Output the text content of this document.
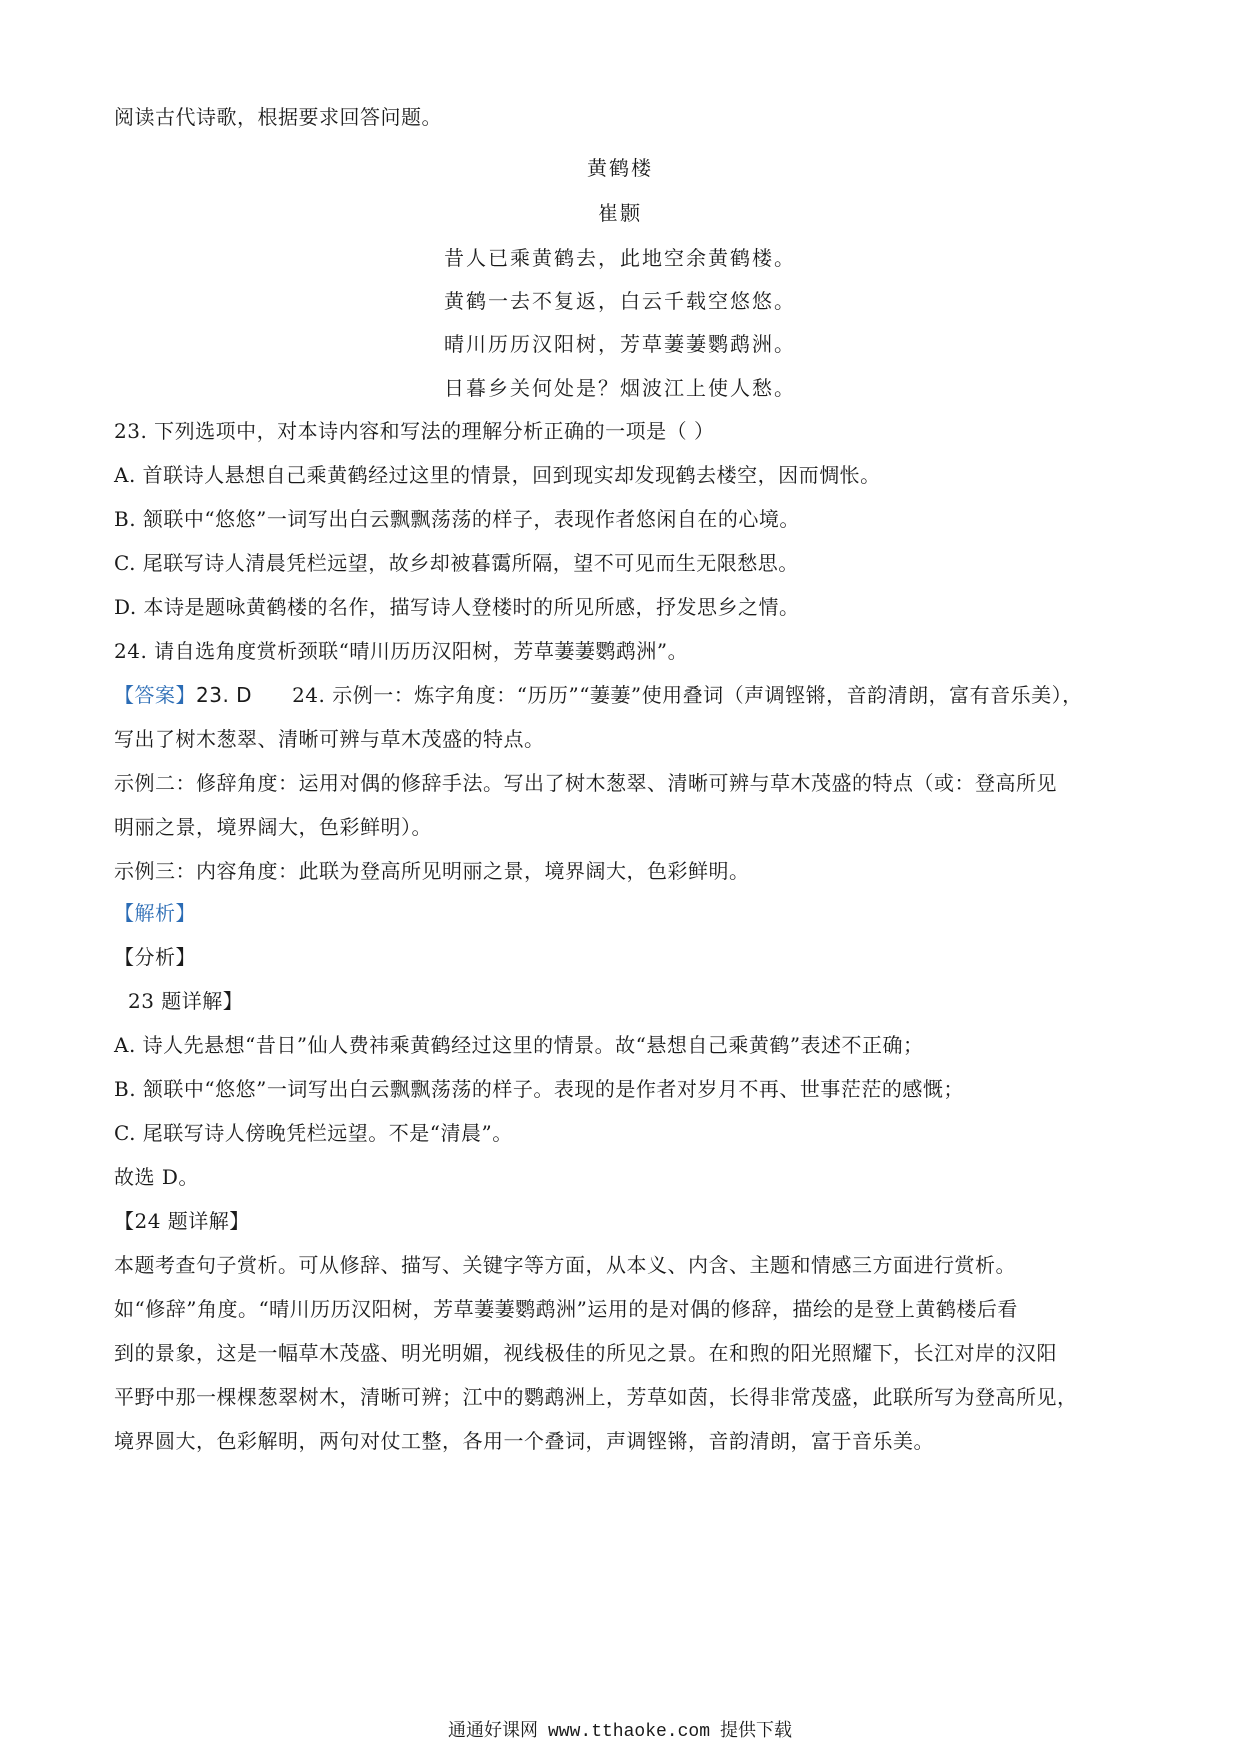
阅读古代诗歌，根据要求回答问题。
黄鹤楼
崔颢
昔人已乘黄鹤去，此地空余黄鹤楼。
黄鹤一去不复返，白云千载空悠悠。
晴川历历汉阳树，芳草萋萋鹦鹉洲。
日暮乡关何处是？烟波江上使人愁。
23. 下列选项中，对本诗内容和写法的理解分析正确的一项是（ ）
A. 首联诗人悬想自己乘黄鹤经过这里的情景，回到现实却发现鹤去楼空，因而惆怅。
B. 颔联中“悠悠”一词写出白云飘飘荡荡的样子，表现作者悠闲自在的心境。
C. 尾联写诗人清晨凭栏远望，故乡却被暮霭所隔，望不可见而生无限愁思。
D. 本诗是题咏黄鹤楼的名作，描写诗人登楼时的所见所感，抒发思乡之情。
24. 请自选角度赏析颈联“晴川历历汉阳树，芳草萋萋鹦鹉洲”。
【答案】23. D 24. 示例一：炼字角度：“历历”“萋萋”使用叠词（声调铿锵，音韵清朗，富有音乐美），
写出了树木葱翠、清晰可辨与草木茂盛的特点。
示例二：修辞角度：运用对偶的修辞手法。写出了树木葱翠、清晰可辨与草木茂盛的特点（或：登高所见
明丽之景，境界阔大，色彩鲜明）。
示例三：内容角度：此联为登高所见明丽之景，境界阔大，色彩鲜明。
【解析】
【分析】
23 题详解】
A. 诗人先悬想“昔日”仙人费祎乘黄鹤经过这里的情景。故“悬想自己乘黄鹤”表述不正确；
B. 颔联中“悠悠”一词写出白云飘飘荡荡的样子。表现的是作者对岁月不再、世事茫茫的感慨；
C. 尾联写诗人傍晚凭栏远望。不是“清晨”。
故选 D。
【24 题详解】
本题考查句子赏析。可从修辞、描写、关键字等方面，从本义、内含、主题和情感三方面进行赏析。
如“修辞”角度。“晴川历历汉阳树，芳草萋萋鹦鹉洲”运用的是对偶的修辞，描绘的是登上黄鹤楼后看
到的景象，这是一幅草木茂盛、明光明媚，视线极佳的所见之景。在和煦的阳光照耀下，长江对岸的汉阳
平野中那一棵棵葱翠树木，清晰可辨；江中的鹦鹉洲上，芳草如茵，长得非常茂盛，此联所写为登高所见，
境界圆大，色彩解明，两句对仗工整，各用一个叠词，声调铿锵，音韵清朗，富于音乐美。
通通好课网 www.tthaoke.com 提供下载
